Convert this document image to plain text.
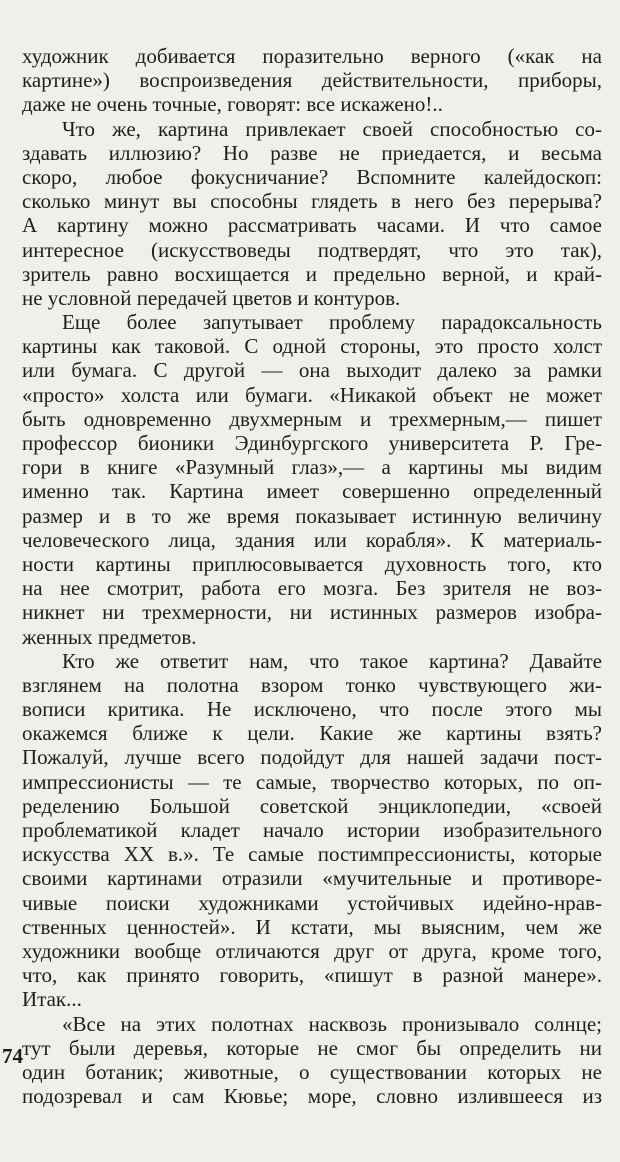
художник добивается поразительно верного («как на
картине») воспроизведения действительности, приборы,
даже не очень точные, говорят: все искажено!..
Что же, картина привлекает своей способностью со-
здавать иллюзию? Но разве не приедается, и весьма
скоро, любое фокусничание? Вспомните калейдоскоп:
сколько минут вы способны глядеть в него без перерыва?
А картину можно рассматривать часами. И что самое
интересное (искусствоведы подтвердят, что это так),
зритель равно восхищается и предельно верной, и край-
не условной передачей цветов и контуров.
Еще более запутывает проблему парадоксальность
картины как таковой. С одной стороны, это просто холст
или бумага. С другой — она выходит далеко за рамки
«просто» холста или бумаги. «Никакой объект не может
быть одновременно двухмерным и трехмерным,— пишет
профессор бионики Эдинбургского университета Р. Гре-
гори в книге «Разумный глаз»,— а картины мы видим
именно так. Картина имеет совершенно определенный
размер и в то же время показывает истинную величину
человеческого лица, здания или корабля». К материаль-
ности картины приплюсовывается духовность того, кто
на нее смотрит, работа его мозга. Без зрителя не воз-
никнет ни трехмерности, ни истинных размеров изобра-
женных предметов.
Кто же ответит нам, что такое картина? Давайте
взглянем на полотна взором тонко чувствующего жи-
вописи критика. Не исключено, что после этого мы
окажемся ближе к цели. Какие же картины взять?
Пожалуй, лучше всего подойдут для нашей задачи пост-
импрессионисты — те самые, творчество которых, по оп-
ределению Большой советской энциклопедии, «своей
проблематикой кладет начало истории изобразительного
искусства XX в.». Те самые постимпрессионисты, которые
своими картинами отразили «мучительные и противоре-
чивые поиски художниками устойчивых идейно-нрав-
ственных ценностей». И кстати, мы выясним, чем же
художники вообще отличаются друг от друга, кроме того,
что, как принято говорить, «пишут в разной манере».
Итак...
«Все на этих полотнах насквозь пронизывало солнце;
тут были деревья, которые не смог бы определить ни
один ботаник; животные, о существовании которых не
подозревал и сам Кювье; море, словно излившееся из
74
